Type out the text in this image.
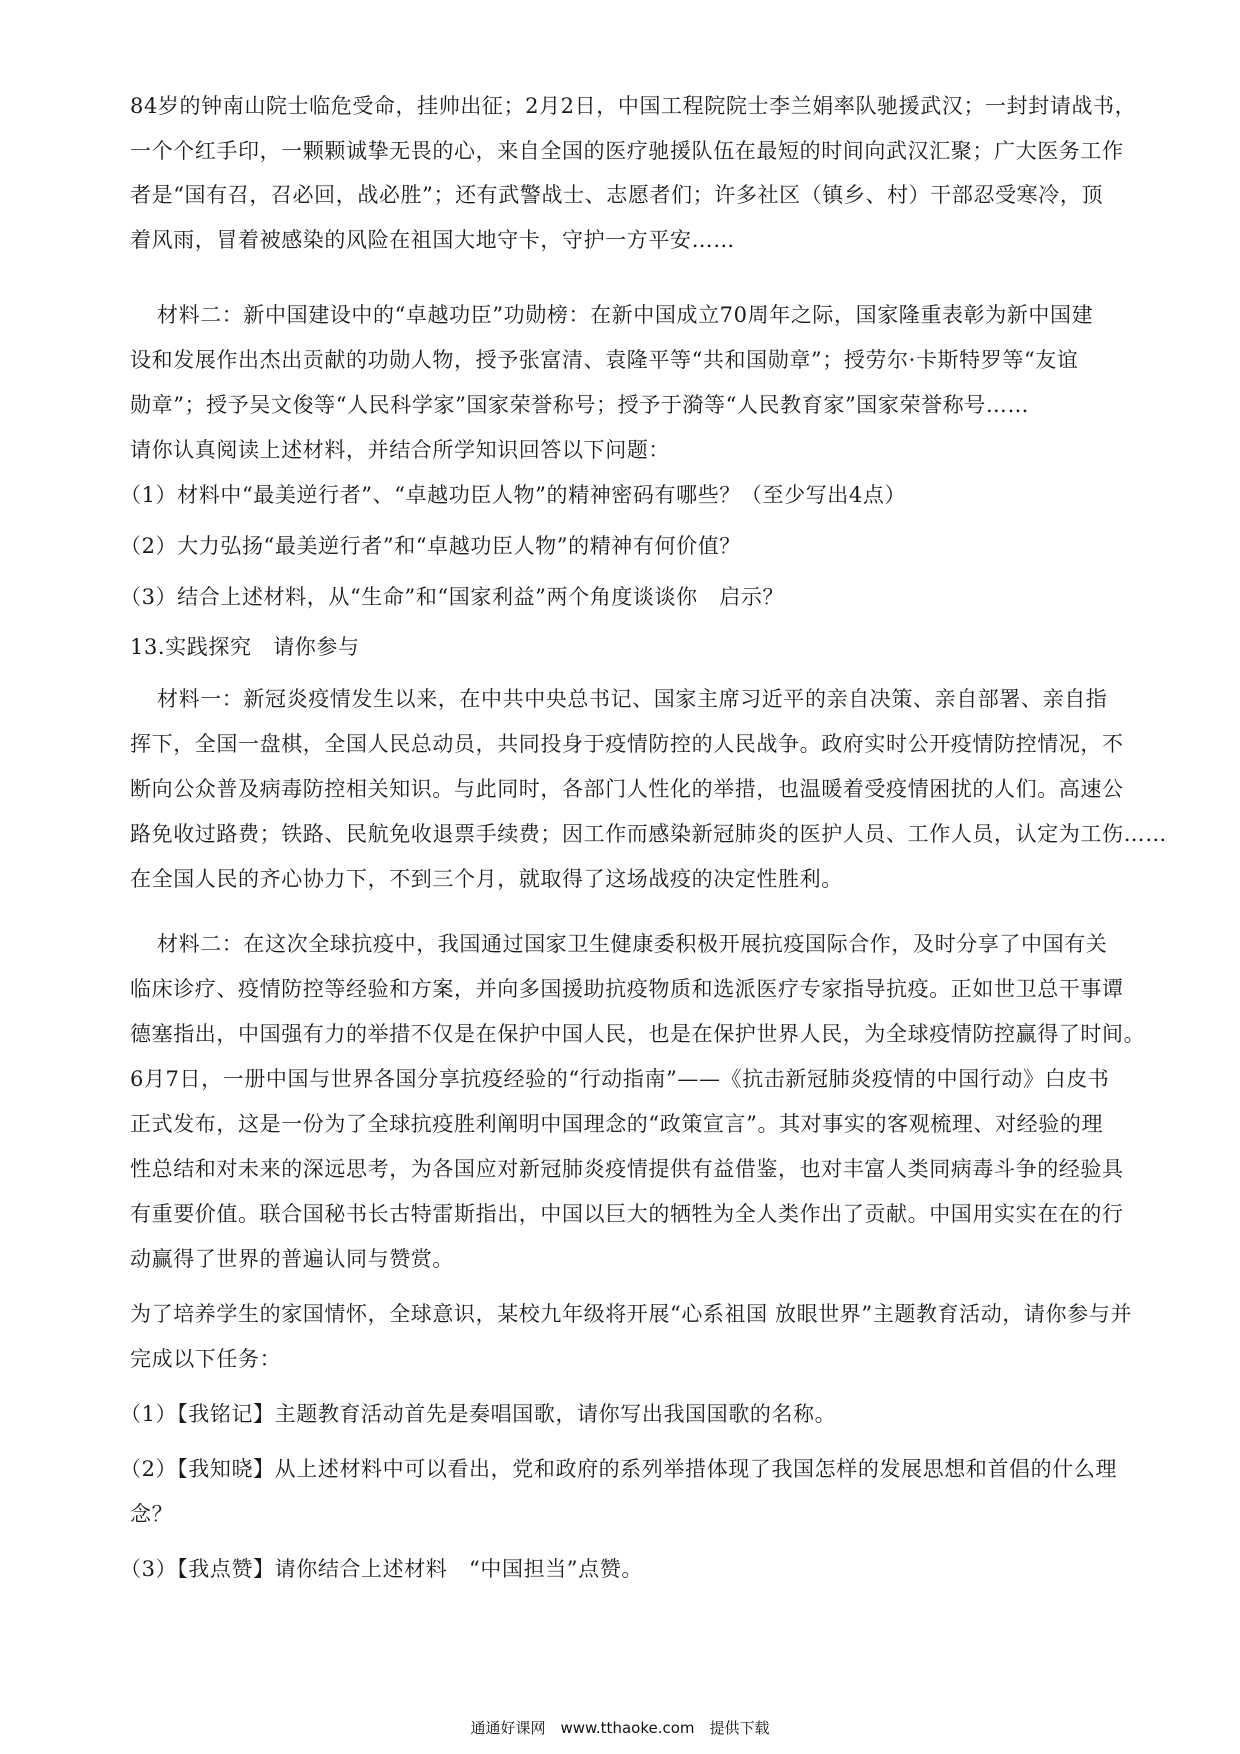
84岁的钟南山院士临危受命，挂帅出征；2月2日，中国工程院院士李兰娟率队驰援武汉；一封封请战书，
一个个红手印，一颗颗诚挚无畏的心，来自全国的医疗驰援队伍在最短的时间向武汉汇聚；广大医务工作
者是“国有召，召必回，战必胜”；还有武警战士、志愿者们；许多社区（镇乡、村）干部忍受寒冷，顶
着风雨，冒着被感染的风险在祖国大地守卡，守护一方平安……
材料二：新中国建设中的“卓越功臣”功勋榜：在新中国成立70周年之际，国家隆重表彰为新中国建
设和发展作出杰出贡献的功勋人物，授予张富清、袁隆平等“共和国勋章”；授劳尔·卡斯特罗等“友谊
勋章”；授予吴文俊等“人民科学家”国家荣誉称号；授予于漪等“人民教育家”国家荣誉称号……
请你认真阅读上述材料，并结合所学知识回答以下问题：
（1）材料中“最美逆行者”、“卓越功臣人物”的精神密码有哪些？（至少写出4点）
（2）大力弘扬“最美逆行者”和“卓越功臣人物”的精神有何价值？
（3）结合上述材料，从“生命”和“国家利益”两个角度谈谈你　启示？
13.实践探究　请你参与
材料一：新冠炎疫情发生以来，在中共中央总书记、国家主席习近平的亲自决策、亲自部署、亲自指
挥下，全国一盘棋，全国人民总动员，共同投身于疫情防控的人民战争。政府实时公开疫情防控情况，不
断向公众普及病毒防控相关知识。与此同时，各部门人性化的举措，也温暖着受疫情困扰的人们。高速公
路免收过路费；铁路、民航免收退票手续费；因工作而感染新冠肺炎的医护人员、工作人员，认定为工伤……
在全国人民的齐心协力下，不到三个月，就取得了这场战疫的决定性胜利。
材料二：在这次全球抗疫中，我国通过国家卫生健康委积极开展抗疫国际合作，及时分享了中国有关
临床诊疗、疫情防控等经验和方案，并向多国援助抗疫物质和选派医疗专家指导抗疫。正如世卫总干事谭
德塞指出，中国强有力的举措不仅是在保护中国人民，也是在保护世界人民，为全球疫情防控赢得了时间。
6月7日，一册中国与世界各国分享抗疫经验的“行动指南”——《抗击新冠肺炎疫情的中国行动》白皮书
正式发布，这是一份为了全球抗疫胜利阐明中国理念的“政策宣言”。其对事实的客观梳理、对经验的理
性总结和对未来的深远思考，为各国应对新冠肺炎疫情提供有益借鉴，也对丰富人类同病毒斗争的经验具
有重要价值。联合国秘书长古特雷斯指出，中国以巨大的牺牲为全人类作出了贡献。中国用实实在在的行
动赢得了世界的普遍认同与赞赏。
为了培养学生的家国情怀，全球意识，某校九年级将开展“心系祖国 放眼世界”主题教育活动，请你参与并
完成以下任务：
（1）【我铭记】主题教育活动首先是奏唱国歌，请你写出我国国歌的名称。
（2）【我知晓】从上述材料中可以看出，党和政府的系列举措体现了我国怎样的发展思想和首倡的什么理
念？
（3）【我点赞】请你结合上述材料　“中国担当”点赞。
通通好课网　www.tthaoke.com　提供下载
